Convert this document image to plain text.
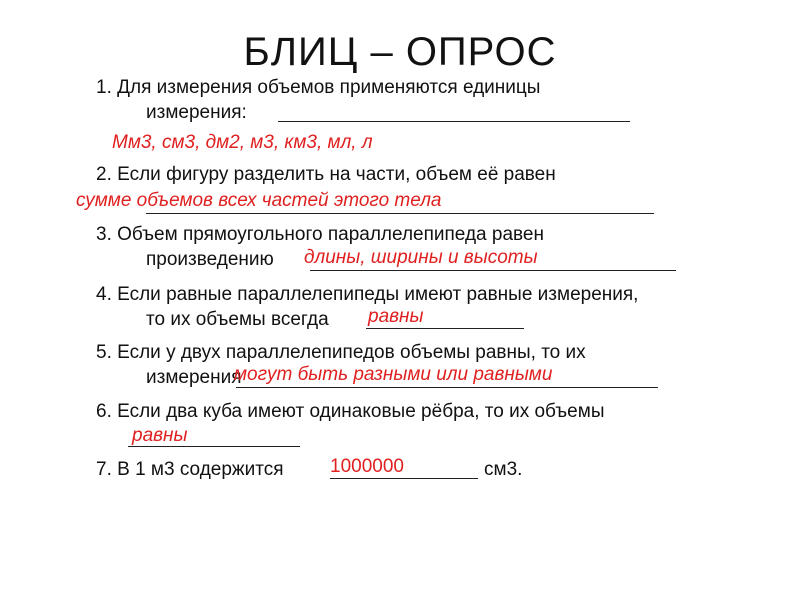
БЛИЦ – ОПРОС
1. Для измерения объемов применяются единицы
измерения:
Мм3, см3, дм2, м3, км3, мл, л
2. Если фигуру разделить на части, объем её равен
сумме объемов всех частей этого тела
3. Объем прямоугольного параллелепипеда равен
произведению длины, ширины и высоты
4. Если равные параллелепипеды имеют равные измерения,
то их объемы всегда равны
5. Если у двух параллелепипедов объемы равны, то их
измерения
могут быть разными или равными
6. Если два куба имеют одинаковые рёбра, то их объемы
равны
7. В 1 м3 содержится 1000000	см3.
